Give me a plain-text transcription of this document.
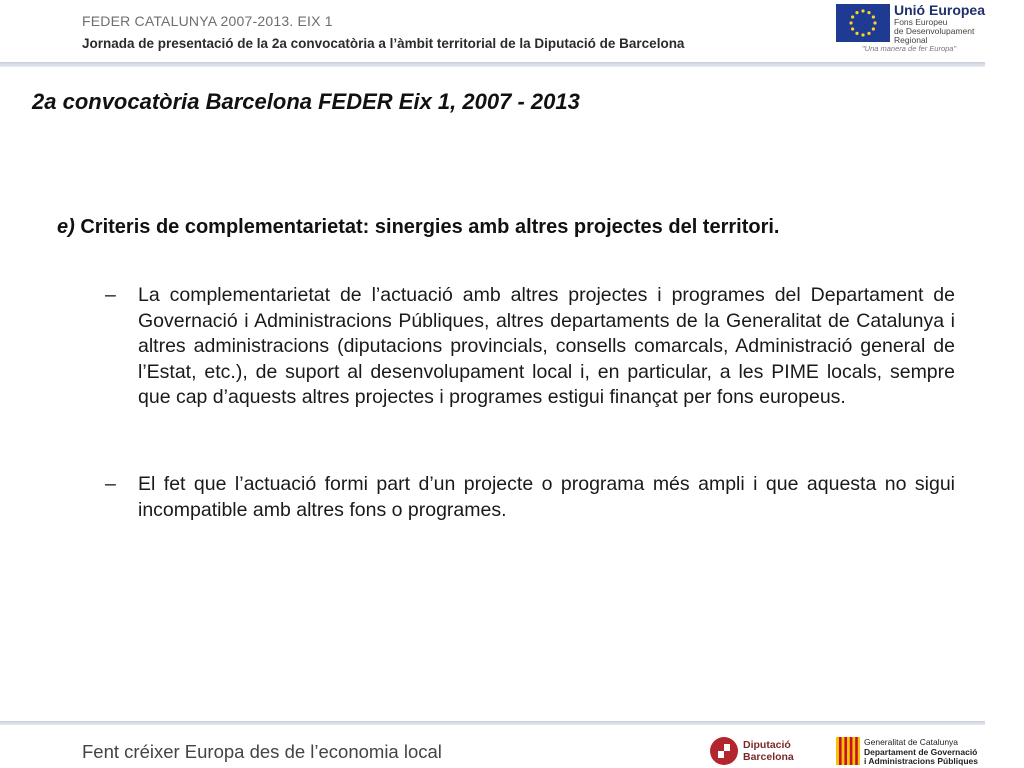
FEDER CATALUNYA 2007-2013. EIX 1
Jornada de presentació de la 2a convocatòria a l’àmbit territorial de la Diputació de Barcelona
Unió Europea
Fons Europeu
de Desenvolupament
Regional
"Una manera de fer Europa"
2a convocatòria Barcelona FEDER Eix 1, 2007 - 2013
e) Criteris de complementarietat: sinergies amb altres projectes del territori.
– La complementarietat de l’actuació amb altres projectes i programes del Departament de Governació i Administracions Públiques, altres departaments de la Generalitat de Catalunya i altres administracions (diputacions provincials, consells comarcals, Administració general de l’Estat, etc.), de suport al desenvolupament local i, en particular, a les PIME locals, sempre que cap d’aquests altres projectes i programes estigui finançat per fons europeus.
– El fet que l’actuació formi part d’un projecte o programa més ampli i que aquesta no sigui incompatible amb altres fons o programes.
Fent créixer Europa des de l’economia local	Diputació
Barcelona
Generalitat de Catalunya
Departament de Governació
i Administracions Públiques
